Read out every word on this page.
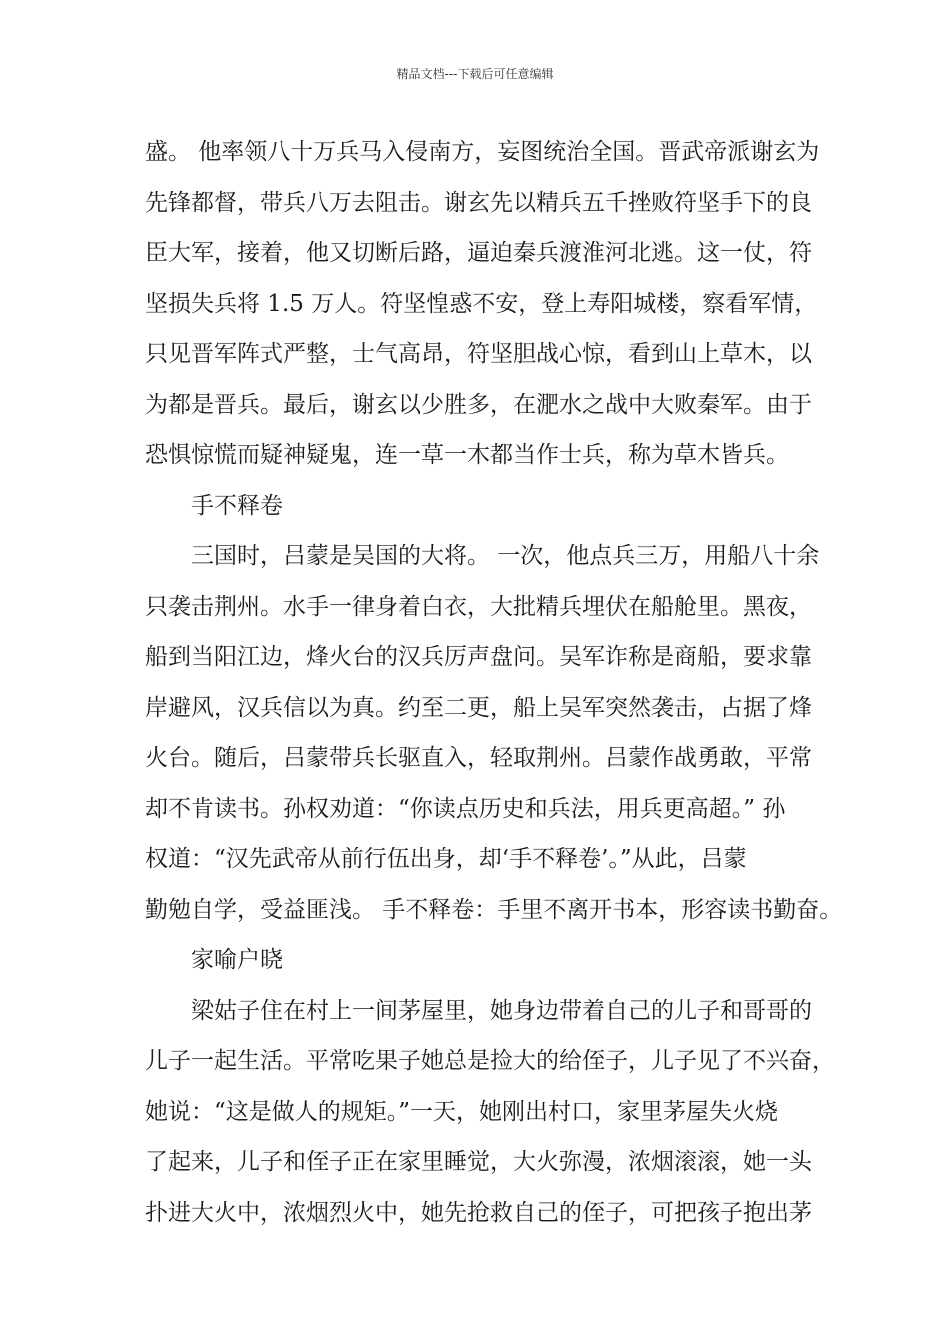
精品文档---下载后可任意编辑
盛。 他率领八十万兵马入侵南方，妄图统治全国。晋武帝派谢玄为
先锋都督，带兵八万去阻击。谢玄先以精兵五千挫败符坚手下的良
臣大军，接着，他又切断后路，逼迫秦兵渡淮河北逃。这一仗，符
坚损失兵将 1.5 万人。符坚惶惑不安，登上寿阳城楼，察看军情，
只见晋军阵式严整，士气高昂，符坚胆战心惊，看到山上草木，以
为都是晋兵。最后，谢玄以少胜多，在淝水之战中大败秦军。由于
恐惧惊慌而疑神疑鬼，连一草一木都当作士兵，称为草木皆兵。
手不释卷
三国时，吕蒙是吴国的大将。 一次，他点兵三万，用船八十余
只袭击荆州。水手一律身着白衣，大批精兵埋伏在船舱里。黑夜，
船到当阳江边，烽火台的汉兵厉声盘问。吴军诈称是商船，要求靠
岸避风，汉兵信以为真。约至二更，船上吴军突然袭击，占据了烽
火台。随后，吕蒙带兵长驱直入，轻取荆州。吕蒙作战勇敢，平常
却不肯读书。孙权劝道：“你读点历史和兵法，用兵更高超。” 孙
权道：“汉先武帝从前行伍出身，却‘手不释卷’。”从此，吕蒙
勤勉自学，受益匪浅。 手不释卷：手里不离开书本，形容读书勤奋。
家喻户晓
梁姑子住在村上一间茅屋里，她身边带着自己的儿子和哥哥的
儿子一起生活。平常吃果子她总是捡大的给侄子，儿子见了不兴奋，
她说：“这是做人的规矩。”一天，她刚出村口，家里茅屋失火烧
了起来，儿子和侄子正在家里睡觉，大火弥漫，浓烟滚滚，她一头
扑进大火中，浓烟烈火中，她先抢救自己的侄子，可把孩子抱出茅
